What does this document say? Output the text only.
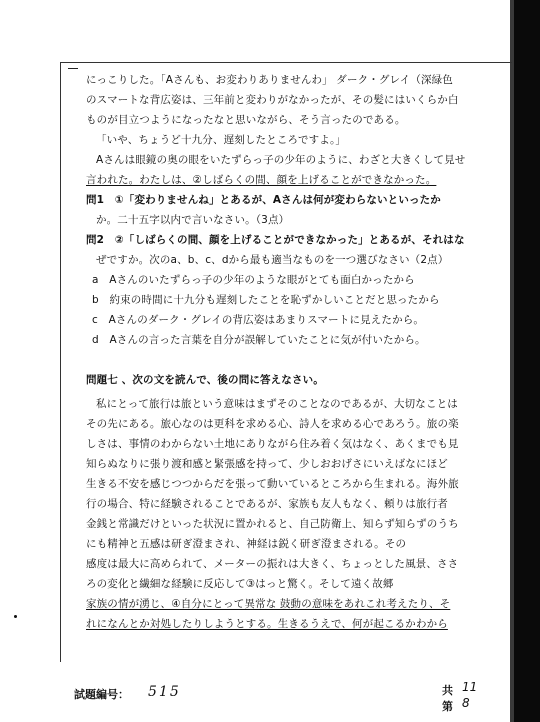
にっこりした。「Aさんも、お変わりありませんわ」 ダーク・グレイ（深緑色
のスマートな背広姿は、三年前と変わりがなかったが、その髪にはいくらか白
ものが目立つようになったなと思いながら、そう言ったのである。
「いや、ちょうど十九分、遅刻したところですよ。」
Aさんは眼鏡の奥の眼をいたずらっ子の少年のように、わざと大きくして見せ
言われた。わたしは、②しばらくの間、顔を上げることができなかった。
問1　①「変わりませんね」とあるが、Aさんは何が変わらないといったか
か。二十五字以内で言いなさい。（3点）
問2　②「しばらくの間、顔を上げることができなかった」とあるが、それはな
ぜですか。次のa、b、c、dから最も適当なものを一つ選びなさい（2点）
a　Aさんのいたずらっ子の少年のような眼がとても面白かったから
b　約束の時間に十九分も遅刻したことを恥ずかしいことだと思ったから
c　Aさんのダーク・グレイの背広姿はあまりスマートに見えたから。
d　Aさんの言った言葉を自分が誤解していたことに気が付いたから。
問題七 、次の文を読んで、後の問に答えなさい。
私にとって旅行は旅という意味はまずそのことなのであるが、大切なことは
その先にある。旅心なのは更科を求める心、詩人を求める心であろう。旅の楽
しさは、事情のわからない土地にありながら住み着く気はなく、あくまでも見
知らぬなりに張り渡和感と緊張感を持って、少しおおげさにいえばなにほど
生きる不安を感じつつからだを張って動いているところから生まれる。海外旅
行の場合、特に経験されることであるが、家族も友人もなく、頼りは旅行者
金銭と常識だけといった状況に置かれると、自己防衛上、知らず知らずのうち
にも精神と五感は研ぎ澄まされ、神経は鋭く研ぎ澄まされる。その
感度は最大に高められて、メーターの振れは大きく、ちょっとした風景、ささ
ろの変化と繊細な経験に反応して③はっと驚く。そして遠く故郷
家族の情が湧じ、④自分にとって異常な 鼓動の意味をあれこれ考えたり、そ
れになんとか対処したりしようとする。生きるうえで、何が起こるかわから
試題編号： 515	共 11
第 8
